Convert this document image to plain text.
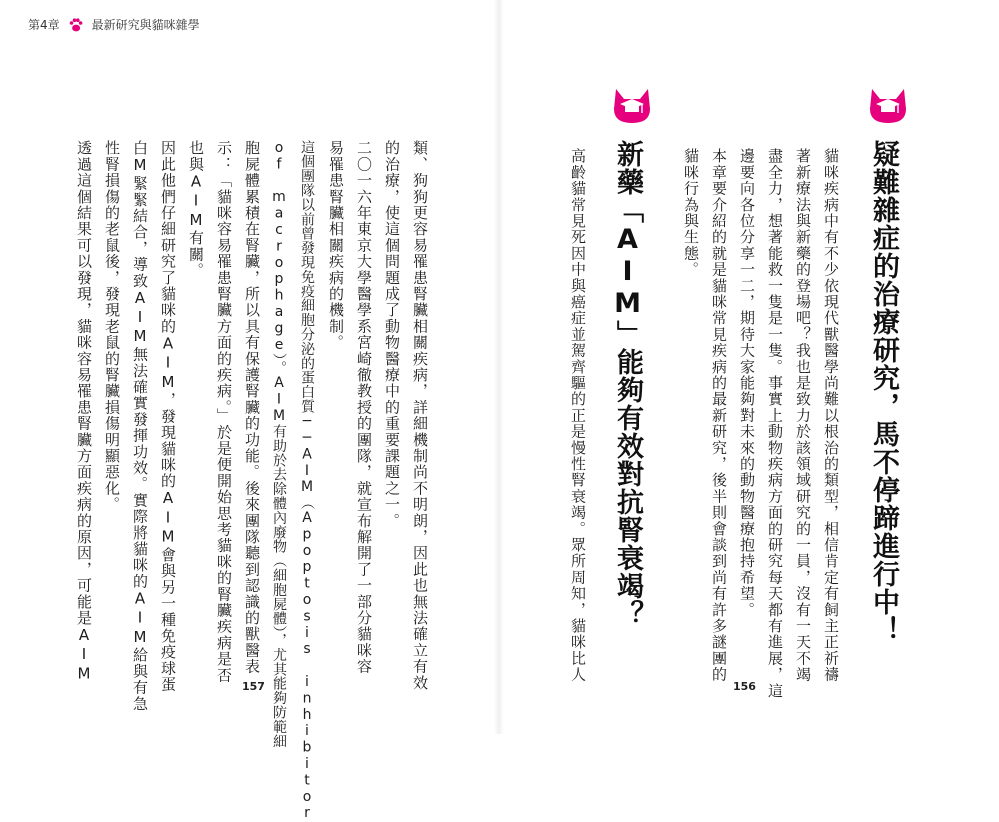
第4章	最新研究與貓咪雜學
疑難雜症的治療研究，馬不停蹄進行中！
貓咪疾病中有不少依現代獸醫學尚難以根治的類型，相信肯定有飼主正祈禱
著新療法與新藥的登場吧？我也是致力於該領域研究的一員，沒有一天不竭
盡全力，想著能救一隻是一隻。事實上動物疾病方面的研究每天都有進展，這
邊要向各位分享一二，期待大家能夠對未來的動物醫療抱持希望。
本章要介紹的就是貓咪常見疾病的最新研究，後半則會談到尚有許多謎團的
貓咪行為與生態。
新藥「AIM」能夠有效對抗腎衰竭？
高齡貓常見死因中與癌症並駕齊驅的正是慢性腎衰竭。眾所周知，貓咪比人
156
類、狗狗更容易罹患腎臟相關疾病，詳細機制尚不明朗，因此也無法確立有效
的治療，使這個問題成了動物醫療中的重要課題之一。
二〇一六年東京大學醫學系宮崎徹教授的團隊，就宣布解開了一部分貓咪容
易罹患腎臟相關疾病的機制。
這個團隊以前曾發現免疫細胞分泌的蛋白質──AIM（Apoptosis inhibitor
of macrophage）。AIM有助於去除體內廢物（細胞屍體），尤其能夠防範細
胞屍體累積在腎臟，所以具有保護腎臟的功能。後來團隊聽到認識的獸醫表
示：「貓咪容易罹患腎臟方面的疾病。」於是便開始思考貓咪的腎臟疾病是否
也與AIM有關。
因此他們仔細研究了貓咪的AIM，發現貓咪的AIM會與另一種免疫球蛋
白M緊緊結合，導致AIM無法確實發揮功效。實際將貓咪的AIM給與有急
性腎損傷的老鼠後，發現老鼠的腎臟損傷明顯惡化。
透過這個結果可以發現，貓咪容易罹患腎臟方面疾病的原因，可能是AIM
157
